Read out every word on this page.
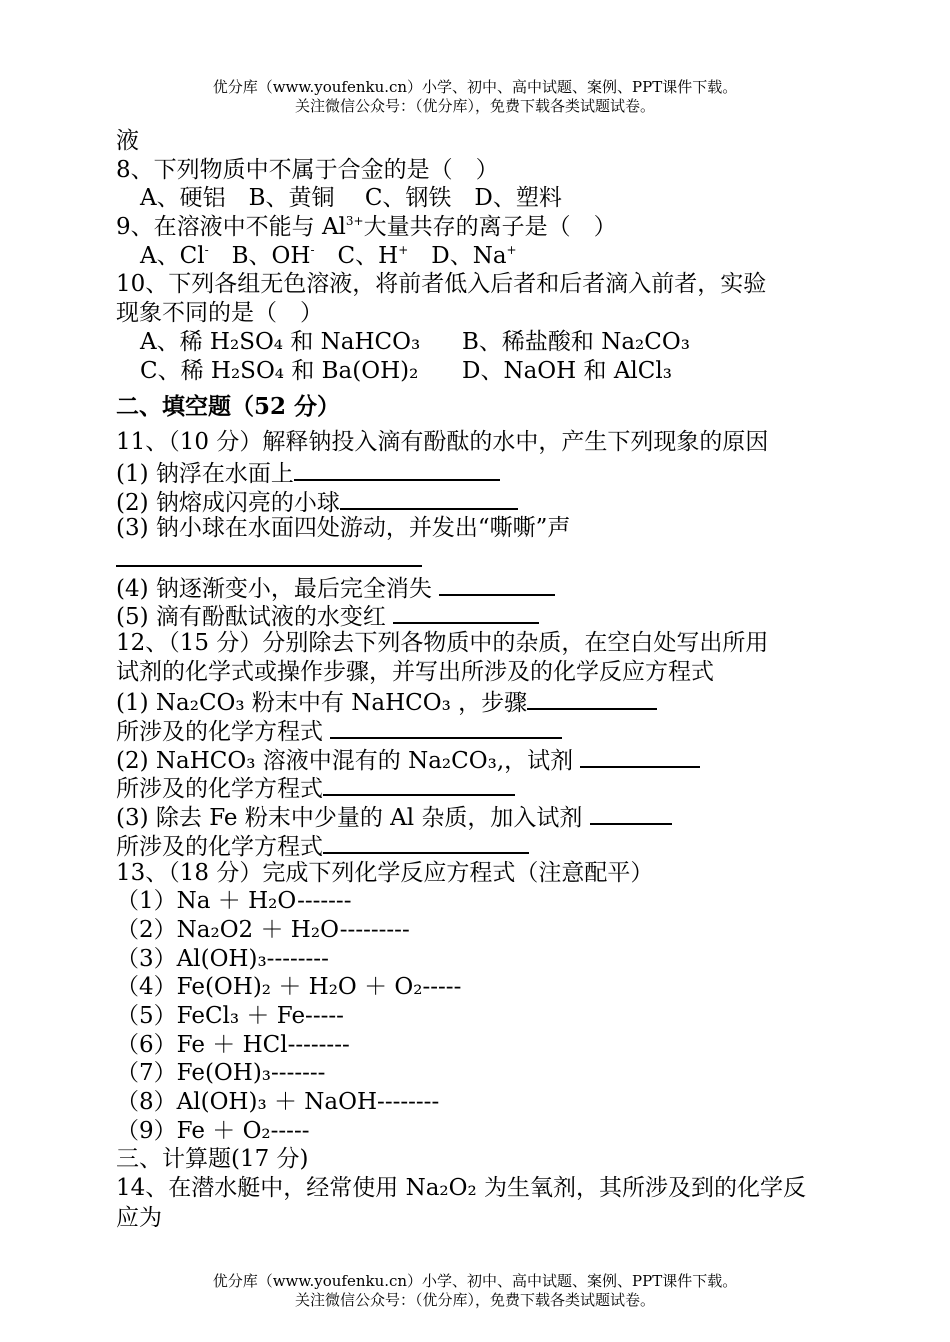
优分库（www.youfenku.cn）小学、初中、高中试题、案例、PPT课件下载。
关注微信公众号：（优分库），免费下载各类试题试卷。
液
8、下列物质中不属于合金的是（　）
A、硬铝　B、黄铜　 C、钢铁　D、塑料
9、在溶液中不能与 $Al^{3+}$大量共存的离子是（　）
A、Cl-　B、OH-　C、H+　D、Na+
10、下列各组无色溶液，将前者低入后者和后者滴入前者，实验
现象不同的是（　）
A、稀 H₂SO₄ 和 NaHCO₃ B、稀盐酸和 Na₂CO₃
C、稀 H₂SO₄ 和 Ba(OH)₂ D、NaOH 和 AlCl₃
二、填空题（52 分）
11、（10 分）解释钠投入滴有酚酞的水中，产生下列现象的原因
(1) 钠浮在水面上
(2) 钠熔成闪亮的小球
(3) 钠小球在水面四处游动，并发出“嘶嘶”声
(4) 钠逐渐变小，最后完全消失
(5) 滴有酚酞试液的水变红
12、（15 分）分别除去下列各物质中的杂质，在空白处写出所用
试剂的化学式或操作步骤，并写出所涉及的化学反应方程式
(1) Na₂CO₃ 粉末中有 NaHCO₃ ，步骤
所涉及的化学方程式
(2) NaHCO₃ 溶液中混有的 Na₂CO₃,，试剂
所涉及的化学方程式
(3) 除去 Fe 粉末中少量的 Al 杂质，加入试剂
所涉及的化学方程式
13、（18 分）完成下列化学反应方程式（注意配平）
（1）Na ＋ H₂O-------
（2）Na₂O2 ＋ H₂O---------
（3）Al(OH)₃--------
（4）Fe(OH)₂ ＋ H₂O ＋ O₂-----
（5）FeCl₃ ＋ Fe-----
（6）Fe ＋ HCl--------
（7）Fe(OH)₃-------
（8）Al(OH)₃ ＋ NaOH--------
（9）Fe ＋ O₂-----
三、计算题(17 分)
14、在潜水艇中，经常使用 Na₂O₂ 为生氧剂，其所涉及到的化学反
应为
优分库（www.youfenku.cn）小学、初中、高中试题、案例、PPT课件下载。
关注微信公众号：（优分库），免费下载各类试题试卷。
